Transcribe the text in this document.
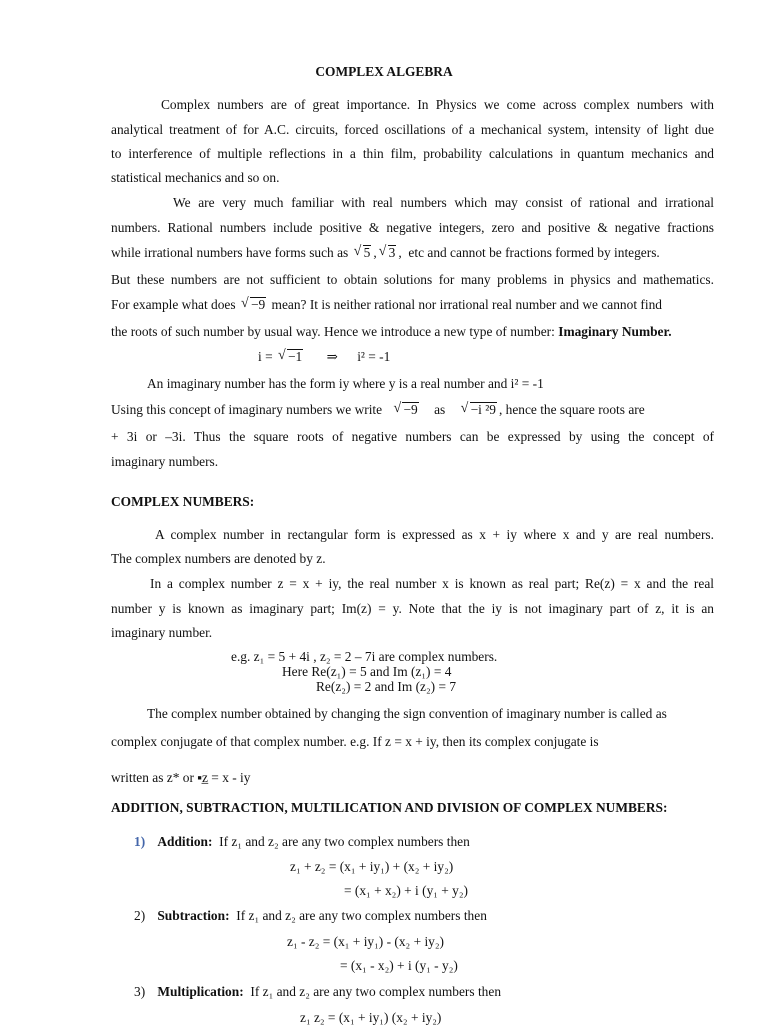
COMPLEX ALGEBRA
Complex numbers are of great importance. In Physics we come across complex numbers with
analytical treatment of for A.C. circuits, forced oscillations of a mechanical system, intensity of light due
to interference of multiple reflections in a thin film, probability calculations in quantum mechanics and
statistical mechanics and so on.
We are very much familiar with real numbers which may consist of rational and irrational
numbers. Rational numbers include positive & negative integers, zero and positive & negative fractions
while irrational numbers have forms such as √ 5 , √ 3 ,  etc and cannot be fractions formed by integers.
But these numbers are not sufficient to obtain solutions for many problems in physics and mathematics.
For example what does √ −9 mean? It is neither rational nor irrational real number and we cannot find
the roots of such number by usual way. Hence we introduce a new type of number: Imaginary Number.
i = √ −1 ⇒ i² = -1
An imaginary number has the form iy where y is a real number and i² = -1
Using this concept of imaginary numbers we write √ −9 as √ −i ²9 , hence the square roots are
+ 3i or –3i. Thus the square roots of negative numbers can be expressed by using the concept of
imaginary numbers.
COMPLEX NUMBERS:
A complex number in rectangular form is expressed as x + iy where x and y are real numbers.
The complex numbers are denoted by z.
In a complex number z = x + iy, the real number x is known as real part; Re(z) = x and the real
number y is known as imaginary part; Im(z) = y. Note that the iy is not imaginary part of z, it is an
imaginary number.
e.g. z₁ = 5 + 4i , z₂ = 2 – 7i are complex numbers.
Here Re(z₁) = 5 and Im (z₁) = 4
Re(z₂) = 2 and Im (z₂) = 7
The complex number obtained by changing the sign convention of imaginary number is called as
complex conjugate of that complex number. e.g. If z = x + iy, then its complex conjugate is
written as z* or ▪z̲ = x - iy
ADDITION, SUBTRACTION, MULTILICATION AND DIVISION OF COMPLEX NUMBERS:
1) Addition: If z₁ and z₂ are any two complex numbers then
z₁ + z₂ = (x₁ + iy₁) + (x₂ + iy₂)
= (x₁ + x₂) + i (y₁ + y₂)
2) Subtraction: If z₁ and z₂ are any two complex numbers then
z₁ - z₂ = (x₁ + iy₁) - (x₂ + iy₂)
= (x₁ - x₂) + i (y₁ - y₂)
3) Multiplication: If z₁ and z₂ are any two complex numbers then
z₁ z₂ = (x₁ + iy₁) (x₂ + iy₂)
